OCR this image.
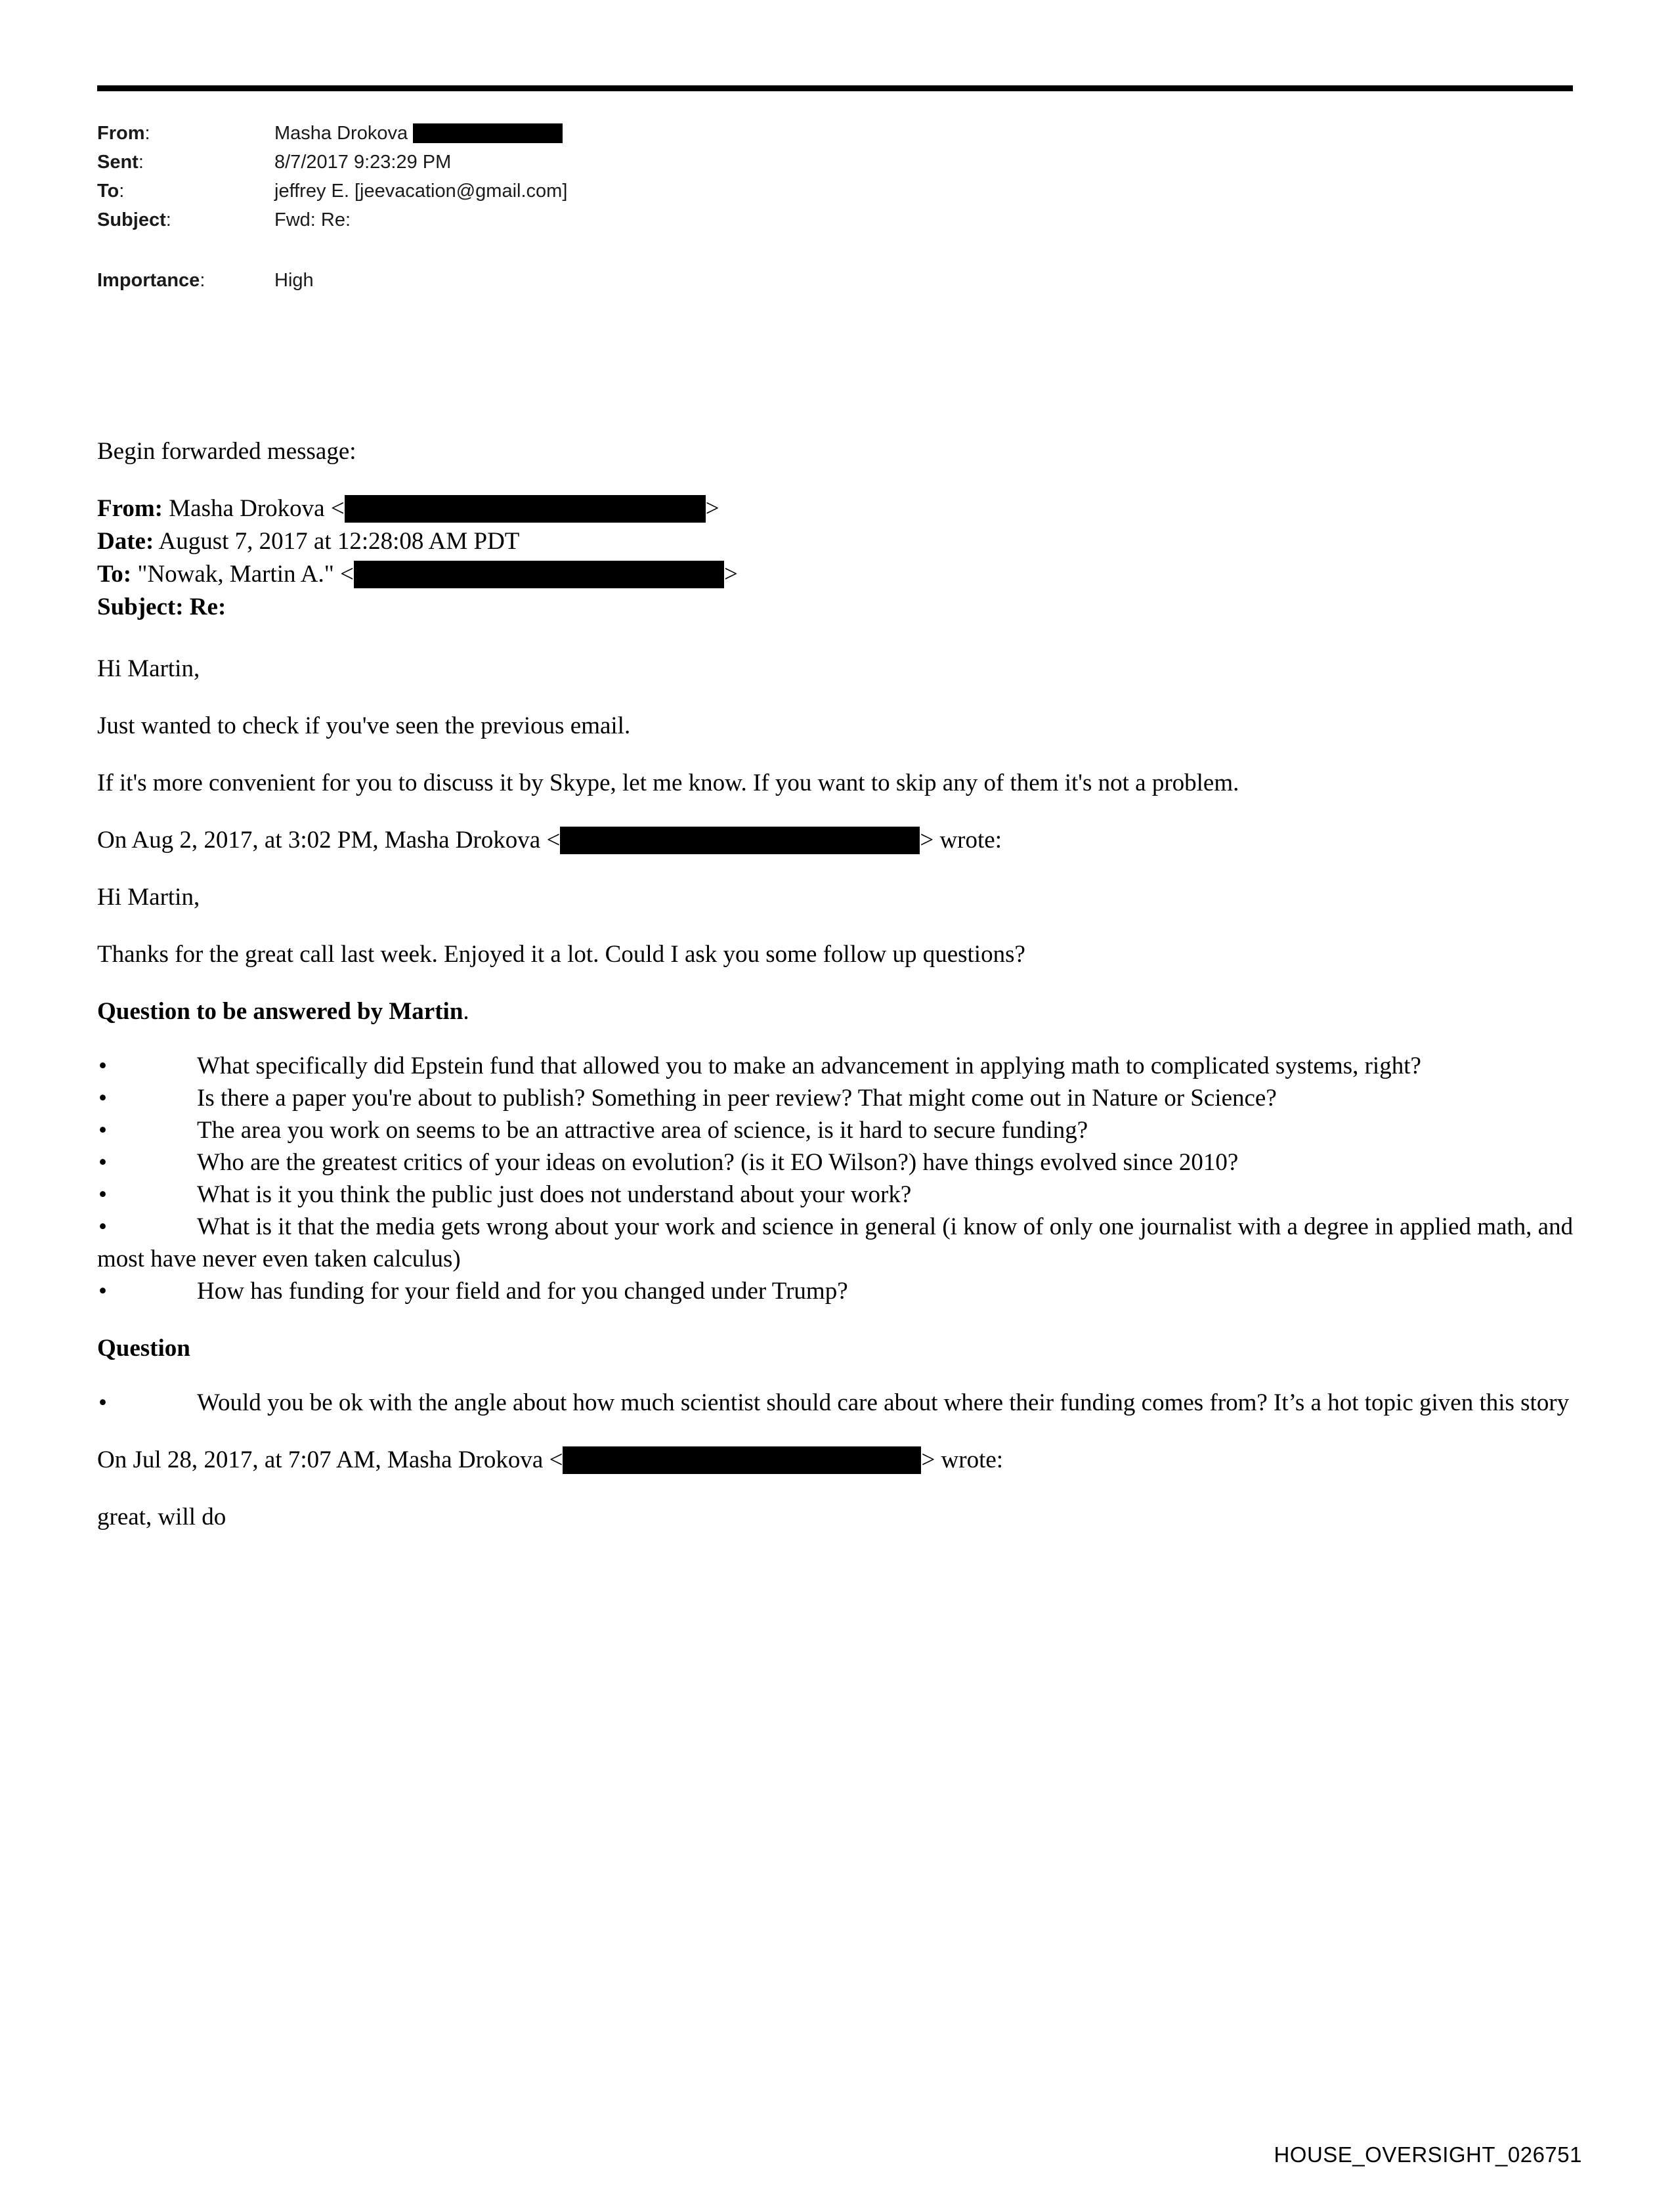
From:	Masha Drokova
Sent:	8/7/2017 9:23:29 PM
To:	jeffrey E. [jeevacation@gmail.com]
Subject:	Fwd: Re:
Importance:	High

Begin forwarded message:

From: Masha Drokova <	>
Date: August 7, 2017 at 12:28:08 AM PDT
To: "Nowak, Martin A." <	>
Subject: Re:

Hi Martin,

Just wanted to check if you've seen the previous email.

If it's more convenient for you to discuss it by Skype, let me know. If you want to skip any of them it's not a problem.

On Aug 2, 2017, at 3:02 PM, Masha Drokova <	> wrote:

Hi Martin,

Thanks for the great call last week. Enjoyed it a lot. Could I ask you some follow up questions?

Question to be answered by Martin.

•	What specifically did Epstein fund that allowed you to make an advancement in applying math to complicated systems, right?
•	Is there a paper you're about to publish? Something in peer review? That might come out in Nature or Science?
•	The area you work on seems to be an attractive area of science, is it hard to secure funding?
•	Who are the greatest critics of your ideas on evolution? (is it EO Wilson?) have things evolved since 2010?
•	What is it you think the public just does not understand about your work?
•	What is it that the media gets wrong about your work and science in general (i know of only one journalist with a degree in applied math, and most have never even taken calculus)
•	How has funding for your field and for you changed under Trump?

Question

•	Would you be ok with the angle about how much scientist should care about where their funding comes from? It’s a hot topic given this story

On Jul 28, 2017, at 7:07 AM, Masha Drokova <	> wrote:

great, will do

HOUSE_OVERSIGHT_026751
